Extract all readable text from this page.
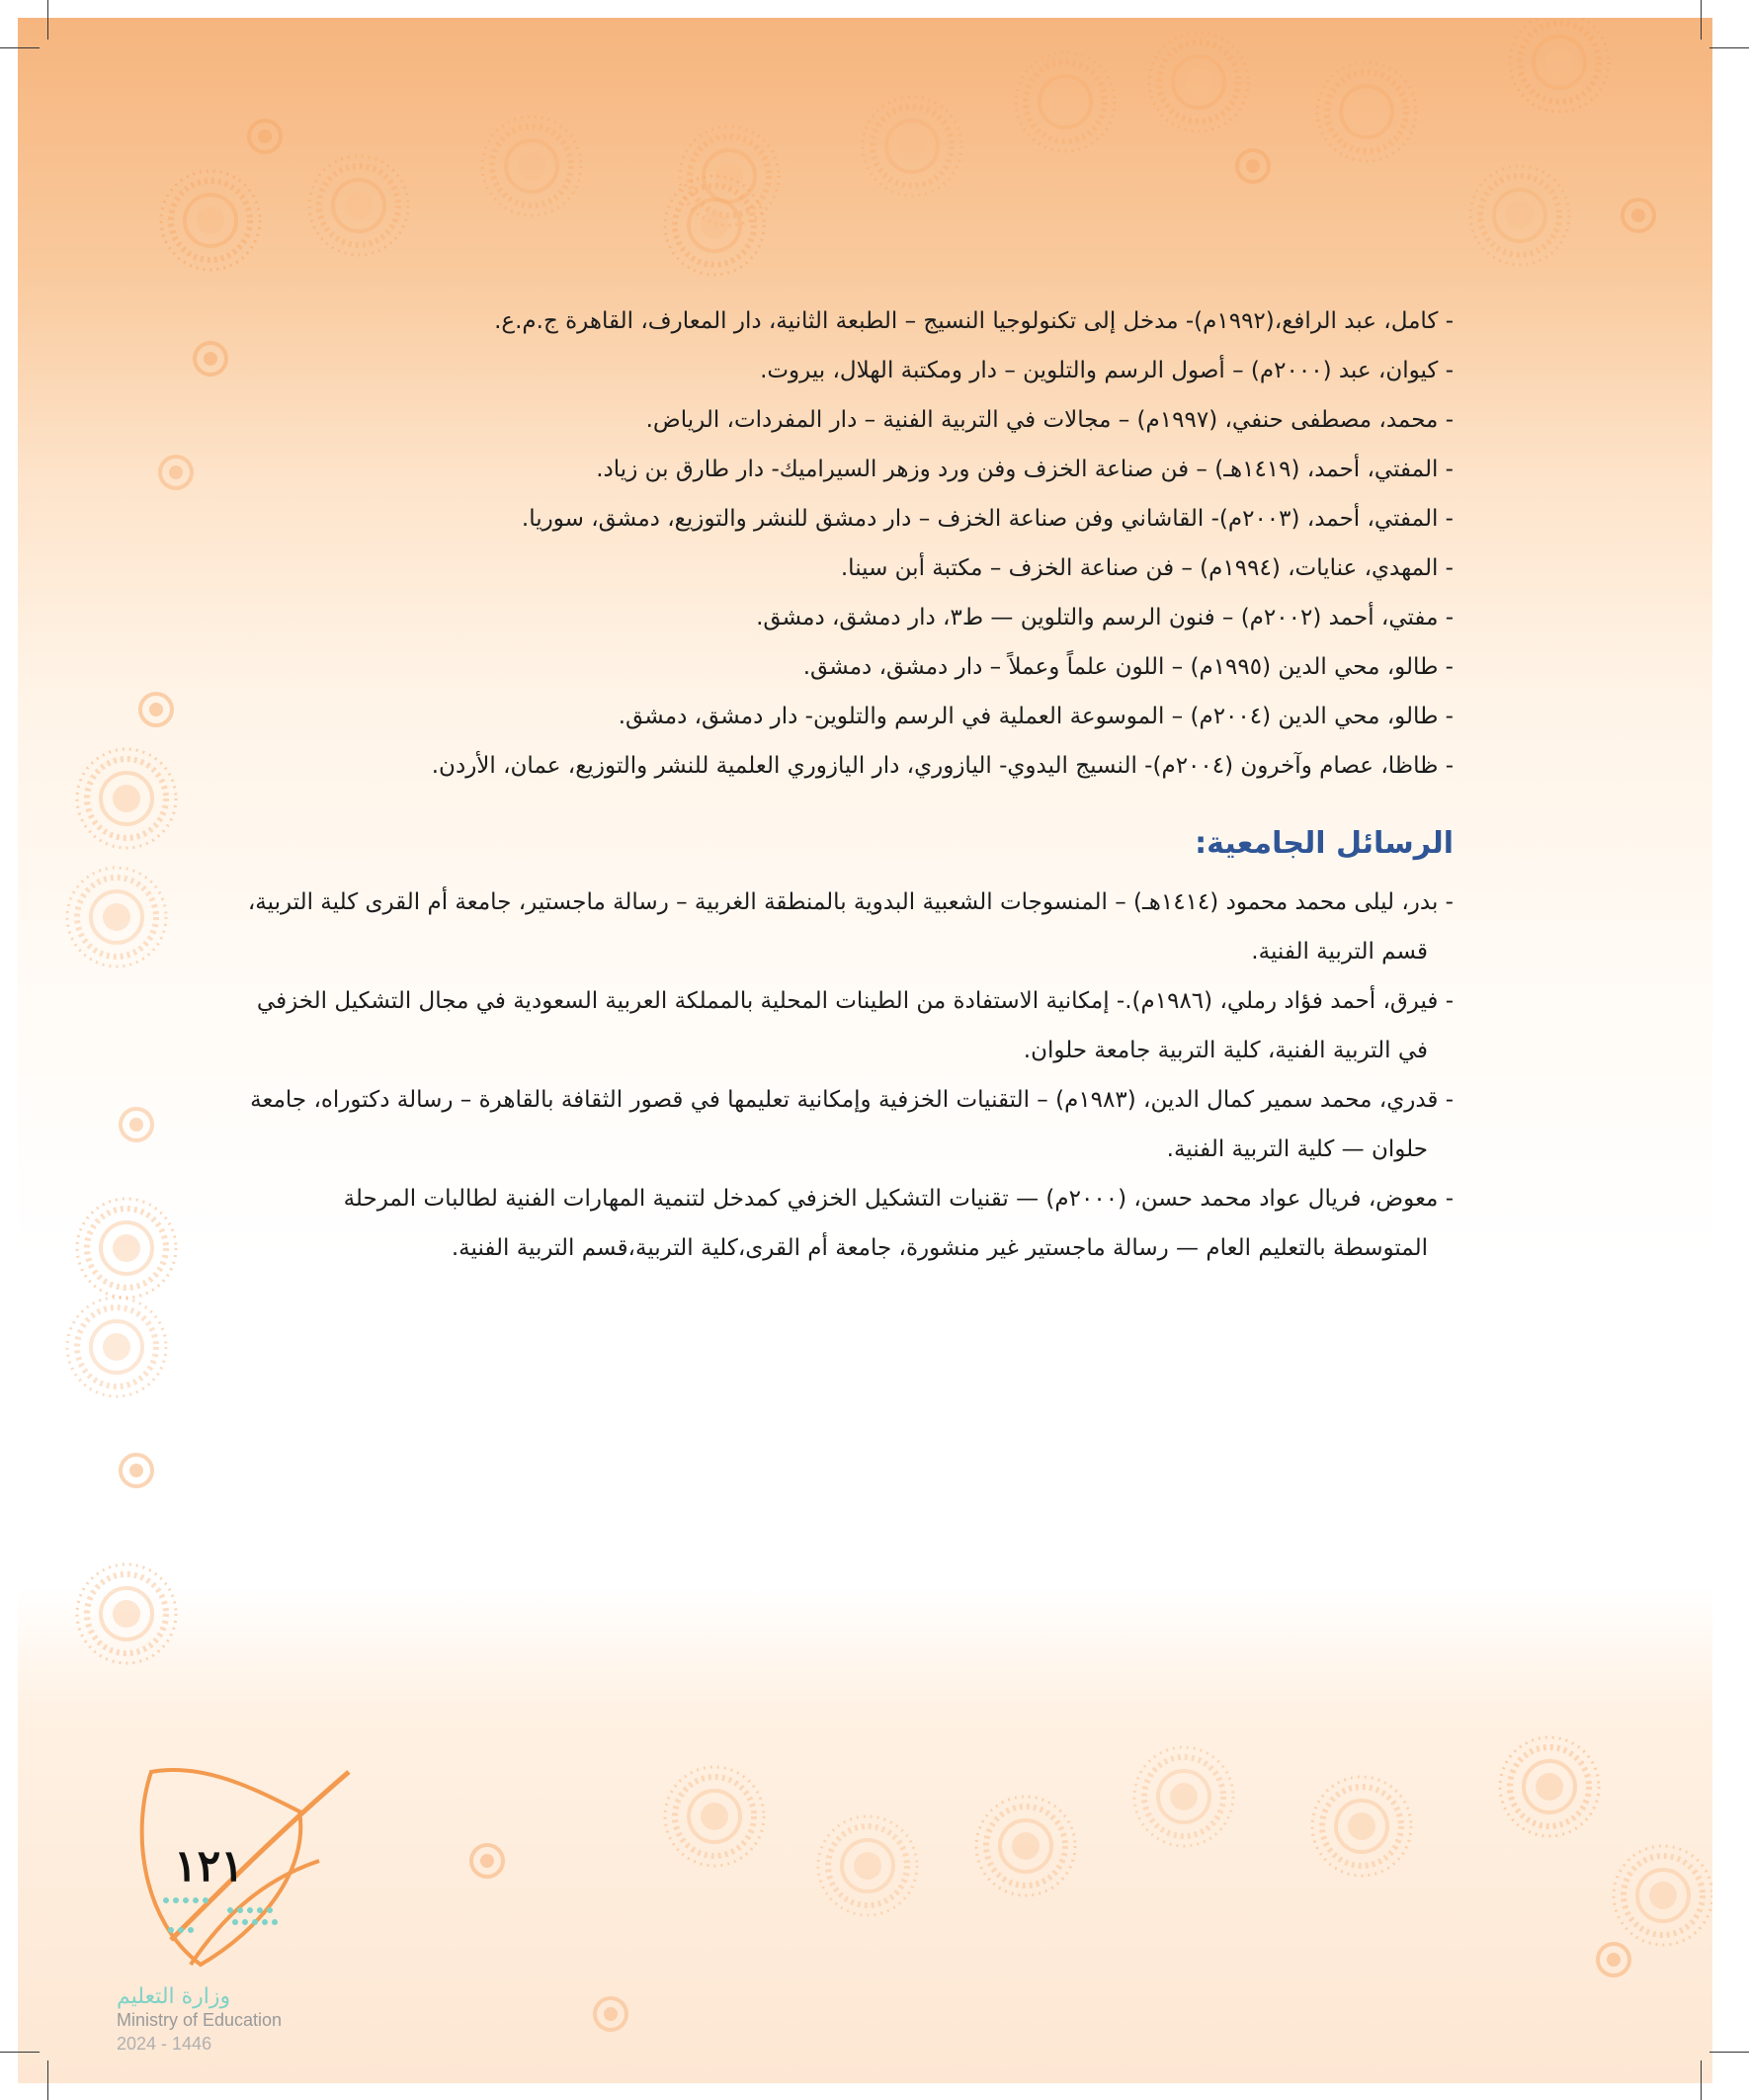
- كامل، عبد الرافع،(١٩٩٢م)- مدخل إلى تكنولوجيا النسيج – الطبعة الثانية، دار المعارف، القاهرة ج.م.ع.

- كيوان، عبد (٢٠٠٠م) – أصول الرسم والتلوين – دار ومكتبة الهلال، بيروت.

- محمد، مصطفى حنفي، (١٩٩٧م) – مجالات في التربية الفنية – دار المفردات، الرياض.

- المفتي، أحمد، (١٤١٩هـ) – فن صناعة الخزف وفن ورد وزهر السيراميك- دار طارق بن زياد.

- المفتي، أحمد، (٢٠٠٣م)- القاشاني وفن صناعة الخزف – دار دمشق للنشر والتوزيع، دمشق، سوريا.

- المهدي، عنايات، (١٩٩٤م) – فن صناعة الخزف – مكتبة أبن سينا.

- مفتي، أحمد (٢٠٠٢م) – فنون الرسم والتلوين — ط٣، دار دمشق، دمشق.

- طالو، محي الدين (١٩٩٥م) – اللون علماً وعملاً – دار دمشق، دمشق.

- طالو، محي الدين (٢٠٠٤م) – الموسوعة العملية في الرسم والتلوين- دار دمشق، دمشق.

- ظاظا، عصام وآخرون (٢٠٠٤م)- النسيج اليدوي- اليازوري، دار اليازوري العلمية للنشر والتوزيع، عمان، الأردن.

الرسائل الجامعية:

- بدر، ليلى محمد محمود (١٤١٤هـ) – المنسوجات الشعبية البدوية بالمنطقة الغربية – رسالة ماجستير، جامعة أم القرى كلية التربية، قسم التربية الفنية.

- فيرق، أحمد فؤاد رملي، (١٩٨٦م).- إمكانية الاستفادة من الطينات المحلية بالمملكة العربية السعودية في مجال التشكيل الخزفي في التربية الفنية، كلية التربية جامعة حلوان.

- قدري، محمد سمير كمال الدين، (١٩٨٣م) – التقنيات الخزفية وإمكانية تعليمها في قصور الثقافة بالقاهرة – رسالة دكتوراه، جامعة حلوان — كلية التربية الفنية.

- معوض، فريال عواد محمد حسن، (٢٠٠٠م) — تقنيات التشكيل الخزفي كمدخل لتنمية المهارات الفنية لطالبات المرحلة المتوسطة بالتعليم العام — رسالة ماجستير غير منشورة، جامعة أم القرى،كلية التربية،قسم التربية الفنية.

١٢١
وزارة التعليم
Ministry of Education
2024 - 1446
